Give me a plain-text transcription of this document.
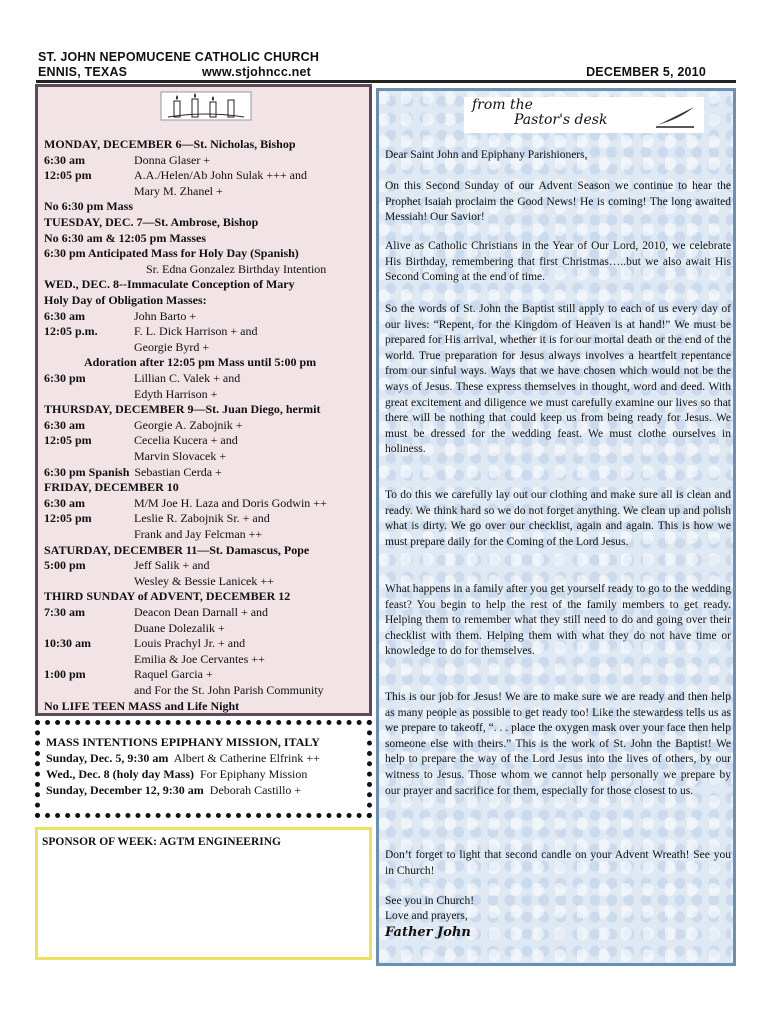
ST. JOHN NEPOMUCENE CATHOLIC CHURCH
ENNIS, TEXAS	www.stjohncc.net	DECEMBER 5, 2010
MONDAY, DECEMBER 6—St. Nicholas, Bishop
6:30 am	Donna Glaser +
12:05 pm	A.A./Helen/Ab John Sulak +++ and
Mary M. Zhanel +
No 6:30 pm Mass
TUESDAY, DEC. 7—St. Ambrose, Bishop
No 6:30 am & 12:05 pm Masses
6:30 pm Anticipated Mass for Holy Day (Spanish)
Sr. Edna Gonzalez Birthday Intention
WED., DEC. 8--Immaculate Conception of Mary
Holy Day of Obligation Masses:
6:30 am	John Barto +
12:05 p.m.	F. L. Dick Harrison + and
Georgie Byrd +
Adoration after 12:05 pm Mass until 5:00 pm
6:30 pm	Lillian C. Valek + and
Edyth Harrison +
THURSDAY, DECEMBER 9—St. Juan Diego, hermit
6:30 am	Georgie A. Zabojnik +
12:05 pm	Cecelia Kucera + and
Marvin Slovacek +
6:30 pm Spanish Sebastian Cerda +
FRIDAY, DECEMBER 10
6:30 am	M/M Joe H. Laza and Doris Godwin ++
12:05 pm	Leslie R. Zabojnik Sr. + and
Frank and Jay Felcman ++
SATURDAY, DECEMBER 11—St. Damascus, Pope
5:00 pm	Jeff Salik + and
Wesley & Bessie Lanicek ++
THIRD SUNDAY of ADVENT, DECEMBER 12
7:30 am	Deacon Dean Darnall + and
Duane Dolezalik +
10:30 am	Louis Prachyl Jr. + and
Emilia & Joe Cervantes ++
1:00 pm	Raquel Garcia +
and For the St. John Parish Community
No LIFE TEEN MASS and Life Night
MASS INTENTIONS EPIPHANY MISSION, ITALY
Sunday, Dec. 5, 9:30 am Albert & Catherine Elfrink ++
Wed., Dec. 8 (holy day Mass) For Epiphany Mission
Sunday, December 12, 9:30 am Deborah Castillo +
SPONSOR OF WEEK: AGTM ENGINEERING
from the
Pastor's desk

Dear Saint John and Epiphany Parishioners,

On this Second Sunday of our Advent Season we continue to hear the Prophet Isaiah proclaim the Good News! He is coming! The long awaited Messiah! Our Savior!

Alive as Catholic Christians in the Year of Our Lord, 2010, we celebrate His Birthday, remembering that first Christmas…..but we also await His Second Coming at the end of time.

So the words of St. John the Baptist still apply to each of us every day of our lives: “Repent, for the Kingdom of Heaven is at hand!” We must be prepared for His arrival, whether it is for our mortal death or the end of the world. True preparation for Jesus always involves a heartfelt repentance from our sinful ways. Ways that we have chosen which would not be the ways of Jesus. These express themselves in thought, word and deed. With great excitement and diligence we must carefully examine our lives so that there will be nothing that could keep us from being ready for Jesus. We must be dressed for the wedding feast. We must clothe ourselves in holiness.

To do this we carefully lay out our clothing and make sure all is clean and ready. We think hard so we do not forget anything. We clean up and polish what is dirty. We go over our checklist, again and again. This is how we must prepare daily for the Coming of the Lord Jesus.

What happens in a family after you get yourself ready to go to the wedding feast? You begin to help the rest of the family members to get ready. Helping them to remember what they still need to do and going over their checklist with them. Helping them with what they do not have time or knowledge to do for themselves.

This is our job for Jesus! We are to make sure we are ready and then help as many people as possible to get ready too! Like the stewardess tells us as we prepare to takeoff, “. . . place the oxygen mask over your face then help someone else with theirs.” This is the work of St. John the Baptist! We help to prepare the way of the Lord Jesus into the lives of others, by our witness to Jesus. Those whom we cannot help personally we prepare by our prayer and sacrifice for them, especially for those closest to us.

Don’t forget to light that second candle on your Advent Wreath! See you in Church!

See you in Church!

Love and prayers,

Father John
